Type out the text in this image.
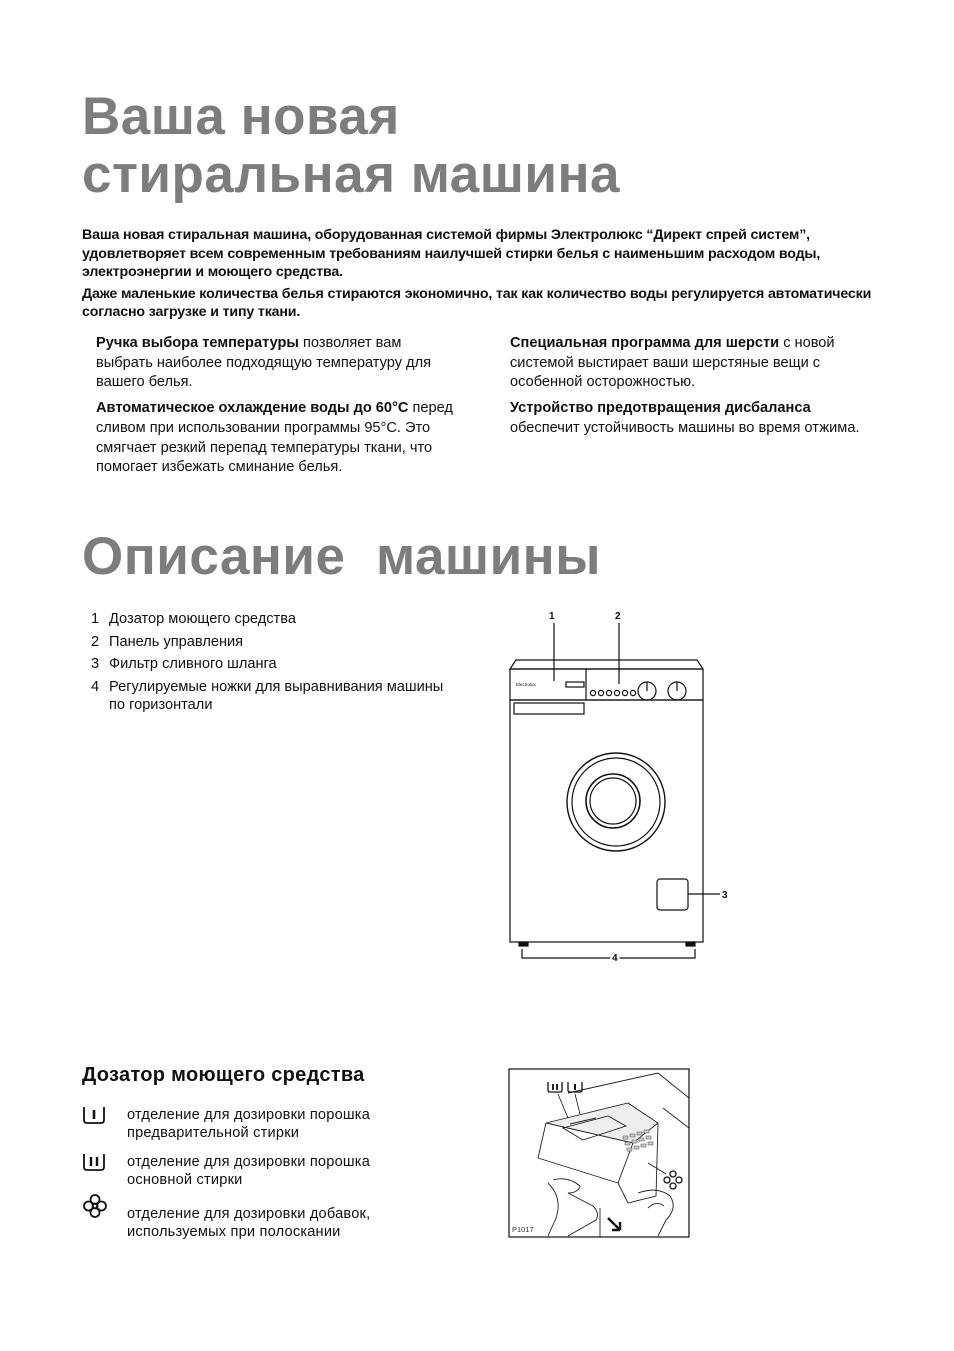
Ваша новая

стиральная машина

Ваша новая стиральная машина, оборудованная системой фирмы Электролюкс “Директ спрей систем”, удовлетворяет всем современным требованиям наилучшей стирки белья с наименьшим расходом воды, электроэнергии и моющего средства.

Даже маленькие количества белья стираются экономично, так как количество воды регулируется автоматически согласно загрузке и типу ткани.

Ручка выбора температуры позволяет вам выбрать наиболее подходящую температуру для вашего белья.

Автоматическое охлаждение воды до 60°C перед сливом при использовании программы 95°C. Это смягчает резкий перепад температуры ткани, что помогает избежать сминание белья.

Специальная программа для шерсти с новой системой выстирает ваши шерстяные вещи с особенной осторожностью.

Устройство предотвращения дисбаланса обеспечит устойчивость машины во время отжима.

Описание  машины

1 Дозатор моющего средства
2 Панель управления
3 Фильтр сливного шланга
4 Регулируемые ножки для выравнивания машины по горизонтали
Electrolux
1	2
3
4
Дозатор моющего средства
отделение для дозировки порошка предварительной стирки
отделение для дозировки порошка основной стирки
отделение для дозировки добавок, используемых при полоскании	P1017
